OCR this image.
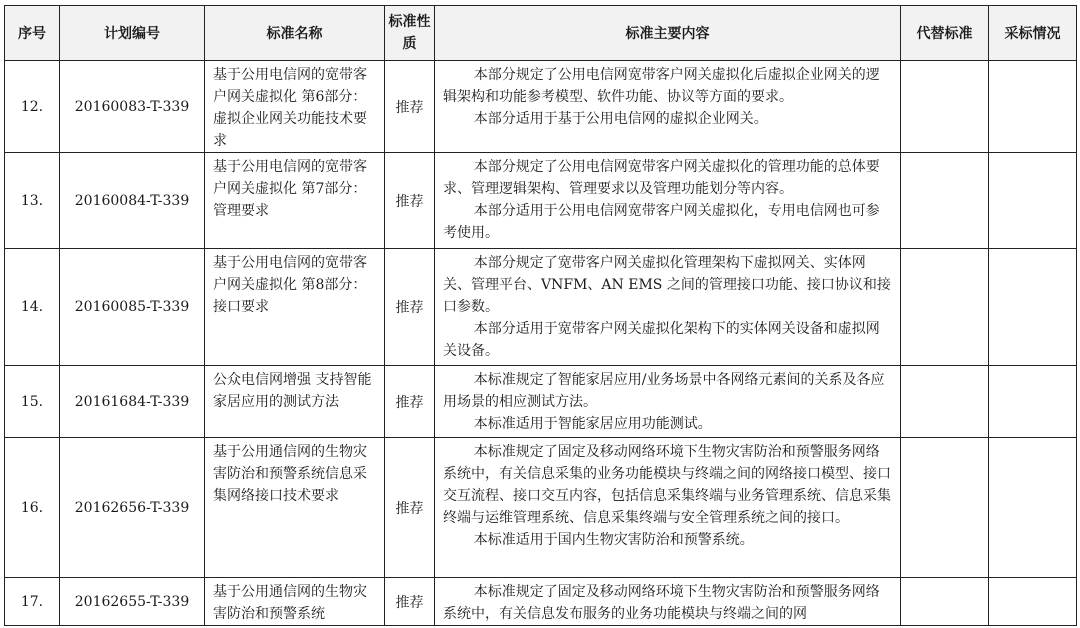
序号	计划编号	标准名称	标准性质	标准主要内容	代替标准	采标情况
12.	20160083-T-339	基于公用电信网的宽带客户网关虚拟化 第6部分：虚拟企业网关功能技术要求	推荐	本部分规定了公用电信网宽带客户网关虚拟化后虚拟企业网关的逻辑架构和功能参考模型、软件功能、协议等方面的要求。

本部分适用于基于公用电信网的虚拟企业网关。		

13.	20160084-T-339	基于公用电信网的宽带客户网关虚拟化 第7部分：管理要求	推荐	本部分规定了公用电信网宽带客户网关虚拟化的管理功能的总体要求、管理逻辑架构、管理要求以及管理功能划分等内容。

本部分适用于公用电信网宽带客户网关虚拟化，专用电信网也可参考使用。		

14.	20160085-T-339	基于公用电信网的宽带客户网关虚拟化 第8部分：接口要求	推荐	本部分规定了宽带客户网关虚拟化管理架构下虚拟网关、实体网关、管理平台、VNFM、AN EMS 之间的管理接口功能、接口协议和接口参数。

本部分适用于宽带客户网关虚拟化架构下的实体网关设备和虚拟网关设备。		

15.	20161684-T-339	公众电信网增强 支持智能家居应用的测试方法	推荐	本标准规定了智能家居应用/业务场景中各网络元素间的关系及各应用场景的相应测试方法。

本标准适用于智能家居应用功能测试。		

16.	20162656-T-339	基于公用通信网的生物灾害防治和预警系统信息采集网络接口技术要求	推荐	本标准规定了固定及移动网络环境下生物灾害防治和预警服务网络系统中，有关信息采集的业务功能模块与终端之间的网络接口模型、接口交互流程、接口交互内容，包括信息采集终端与业务管理系统、信息采集终端与运维管理系统、信息采集终端与安全管理系统之间的接口。

本标准适用于国内生物灾害防治和预警系统。		

17.	20162655-T-339	基于公用通信网的生物灾害防治和预警系统	推荐	本标准规定了固定及移动网络环境下生物灾害防治和预警服务网络系统中，有关信息发布服务的业务功能模块与终端之间的网		
